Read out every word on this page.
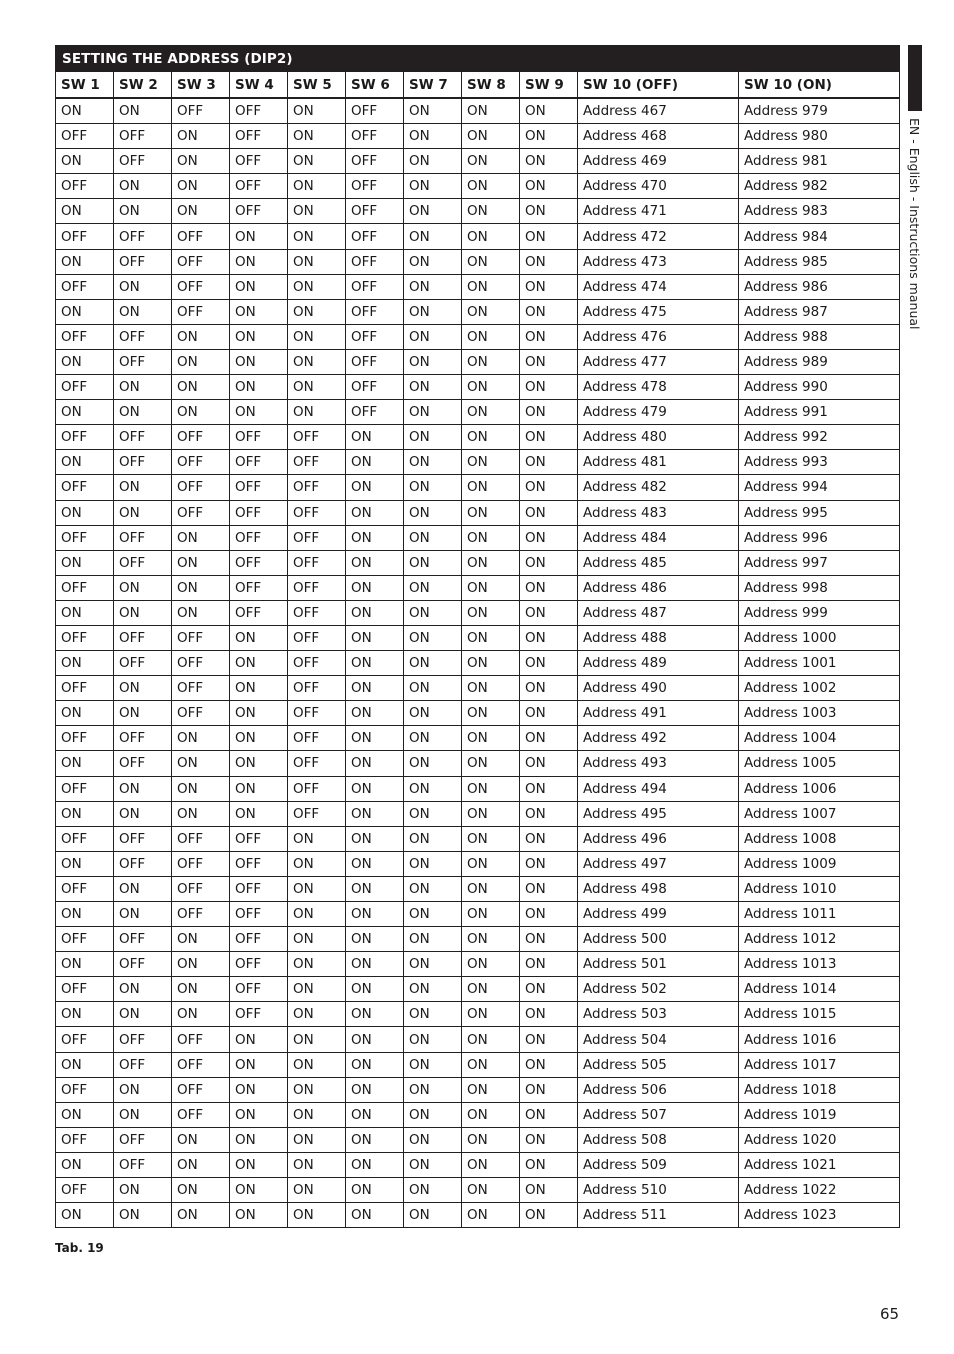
SETTING THE ADDRESS (DIP2)										
SW 1	SW 2	SW 3	SW 4	SW 5	SW 6	SW 7	SW 8	SW 9	SW 10 (OFF)	SW 10 (ON)
ON	ON	OFF	OFF	ON	OFF	ON	ON	ON	Address 467	Address 979
OFF	OFF	ON	OFF	ON	OFF	ON	ON	ON	Address 468	Address 980
ON	OFF	ON	OFF	ON	OFF	ON	ON	ON	Address 469	Address 981
OFF	ON	ON	OFF	ON	OFF	ON	ON	ON	Address 470	Address 982
ON	ON	ON	OFF	ON	OFF	ON	ON	ON	Address 471	Address 983
OFF	OFF	OFF	ON	ON	OFF	ON	ON	ON	Address 472	Address 984
ON	OFF	OFF	ON	ON	OFF	ON	ON	ON	Address 473	Address 985
OFF	ON	OFF	ON	ON	OFF	ON	ON	ON	Address 474	Address 986
ON	ON	OFF	ON	ON	OFF	ON	ON	ON	Address 475	Address 987
OFF	OFF	ON	ON	ON	OFF	ON	ON	ON	Address 476	Address 988
ON	OFF	ON	ON	ON	OFF	ON	ON	ON	Address 477	Address 989
OFF	ON	ON	ON	ON	OFF	ON	ON	ON	Address 478	Address 990
ON	ON	ON	ON	ON	OFF	ON	ON	ON	Address 479	Address 991
OFF	OFF	OFF	OFF	OFF	ON	ON	ON	ON	Address 480	Address 992
ON	OFF	OFF	OFF	OFF	ON	ON	ON	ON	Address 481	Address 993
OFF	ON	OFF	OFF	OFF	ON	ON	ON	ON	Address 482	Address 994
ON	ON	OFF	OFF	OFF	ON	ON	ON	ON	Address 483	Address 995
OFF	OFF	ON	OFF	OFF	ON	ON	ON	ON	Address 484	Address 996
ON	OFF	ON	OFF	OFF	ON	ON	ON	ON	Address 485	Address 997
OFF	ON	ON	OFF	OFF	ON	ON	ON	ON	Address 486	Address 998
ON	ON	ON	OFF	OFF	ON	ON	ON	ON	Address 487	Address 999
OFF	OFF	OFF	ON	OFF	ON	ON	ON	ON	Address 488	Address 1000
ON	OFF	OFF	ON	OFF	ON	ON	ON	ON	Address 489	Address 1001
OFF	ON	OFF	ON	OFF	ON	ON	ON	ON	Address 490	Address 1002
ON	ON	OFF	ON	OFF	ON	ON	ON	ON	Address 491	Address 1003
OFF	OFF	ON	ON	OFF	ON	ON	ON	ON	Address 492	Address 1004
ON	OFF	ON	ON	OFF	ON	ON	ON	ON	Address 493	Address 1005
OFF	ON	ON	ON	OFF	ON	ON	ON	ON	Address 494	Address 1006
ON	ON	ON	ON	OFF	ON	ON	ON	ON	Address 495	Address 1007
OFF	OFF	OFF	OFF	ON	ON	ON	ON	ON	Address 496	Address 1008
ON	OFF	OFF	OFF	ON	ON	ON	ON	ON	Address 497	Address 1009
OFF	ON	OFF	OFF	ON	ON	ON	ON	ON	Address 498	Address 1010
ON	ON	OFF	OFF	ON	ON	ON	ON	ON	Address 499	Address 1011
OFF	OFF	ON	OFF	ON	ON	ON	ON	ON	Address 500	Address 1012
ON	OFF	ON	OFF	ON	ON	ON	ON	ON	Address 501	Address 1013
OFF	ON	ON	OFF	ON	ON	ON	ON	ON	Address 502	Address 1014
ON	ON	ON	OFF	ON	ON	ON	ON	ON	Address 503	Address 1015
OFF	OFF	OFF	ON	ON	ON	ON	ON	ON	Address 504	Address 1016
ON	OFF	OFF	ON	ON	ON	ON	ON	ON	Address 505	Address 1017
OFF	ON	OFF	ON	ON	ON	ON	ON	ON	Address 506	Address 1018
ON	ON	OFF	ON	ON	ON	ON	ON	ON	Address 507	Address 1019
OFF	OFF	ON	ON	ON	ON	ON	ON	ON	Address 508	Address 1020
ON	OFF	ON	ON	ON	ON	ON	ON	ON	Address 509	Address 1021
OFF	ON	ON	ON	ON	ON	ON	ON	ON	Address 510	Address 1022
ON	ON	ON	ON	ON	ON	ON	ON	ON	Address 511	Address 1023
EN - English - Instructions manual
Tab. 19
65
